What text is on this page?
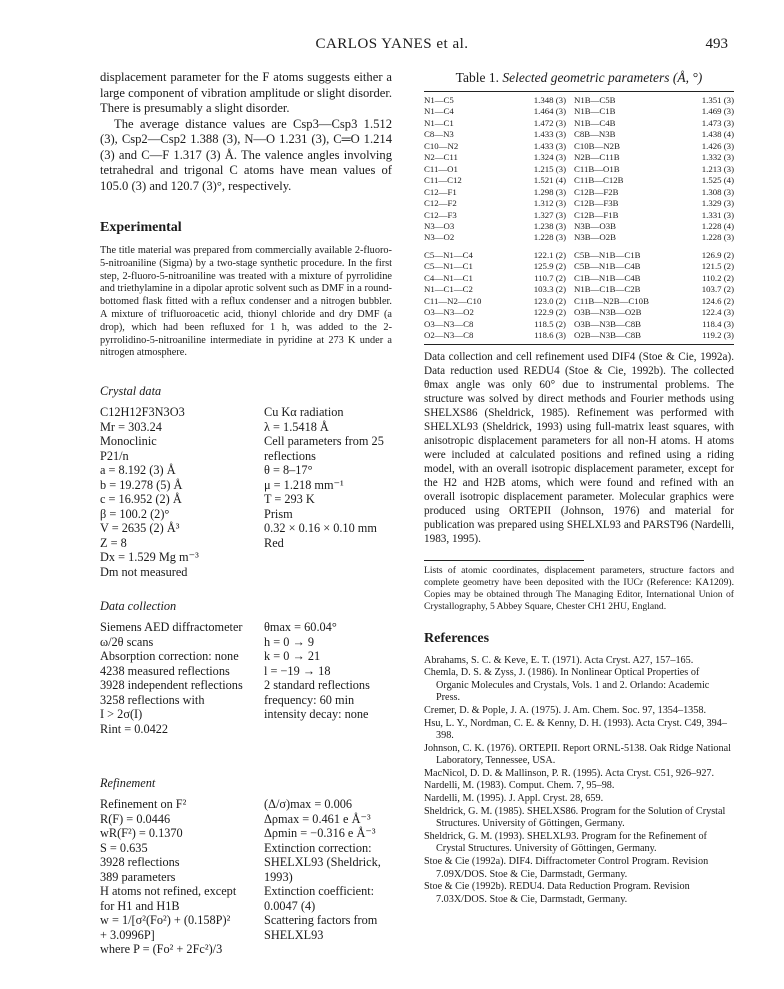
CARLOS YANES et al.	493

displacement parameter for the F atoms suggests either a large component of vibration amplitude or slight disorder. There is presumably a slight disorder.

The average distance values are Csp3—Csp3 1.512 (3), Csp2—Csp2 1.388 (3), N—O 1.231 (3), C═O 1.214 (3) and C—F 1.317 (3) Å. The valence angles involving tetrahedral and trigonal C atoms have mean values of 105.0 (3) and 120.7 (3)°, respectively.

Experimental

The title material was prepared from commercially available 2-fluoro-5-nitroaniline (Sigma) by a two-stage synthetic procedure. In the first step, 2-fluoro-5-nitroaniline was treated with a mixture of pyrrolidine and triethylamine in a dipolar aprotic solvent such as DMF in a round-bottomed flask fitted with a reflux condenser and a nitrogen bubbler. A mixture of trifluoroacetic acid, thionyl chloride and dry DMF (a drop), which had been refluxed for 1 h, was added to the 2-pyrrolidino-5-nitroaniline intermediate in pyridine at 273 K under a nitrogen atmosphere.

Crystal data

C12H12F3N3O3	Cu Kα radiation
Mr = 303.24	λ = 1.5418 Å
Monoclinic	Cell parameters from 25
P21/n	reflections
a = 8.192 (3) Å	θ = 8–17°
b = 19.278 (5) Å	μ = 1.218 mm⁻¹
c = 16.952 (2) Å	T = 293 K
β = 100.2 (2)°	Prism
V = 2635 (2) Å³	0.32 × 0.16 × 0.10 mm
Z = 8	Red
Dx = 1.529 Mg m⁻³
Dm not measured

Data collection

Siemens AED diffractometer	θmax = 60.04°
ω/2θ scans	h = 0 → 9
Absorption correction: none	k = 0 → 21
4238 measured reflections	l = −19 → 18
3928 independent reflections	2 standard reflections
3258 reflections with	frequency: 60 min
I > 2σ(I)	intensity decay: none
Rint = 0.0422

Refinement

Refinement on F²	(Δ/σ)max = 0.006
R(F) = 0.0446	Δρmax = 0.461 e Å⁻³
wR(F²) = 0.1370	Δρmin = −0.316 e Å⁻³
S = 0.635	Extinction correction:
3928 reflections	SHELXL93 (Sheldrick,
389 parameters	1993)
H atoms not refined, except	Extinction coefficient:
for H1 and H1B	0.0047 (4)
w = 1/[σ²(Fo²) + (0.158P)²	Scattering factors from
+ 3.0996P]	SHELXL93
where P = (Fo² + 2Fc²)/3

Table 1. Selected geometric parameters (Å, °)

N1—C5	1.348 (3) N1B—C5B	1.351 (3)
N1—C4	1.464 (3) N1B—C1B	1.469 (3)
N1—C1	1.472 (3) N1B—C4B	1.473 (3)
C8—N3	1.433 (3) C8B—N3B	1.438 (4)
C10—N2	1.433 (3) C10B—N2B	1.426 (3)
N2—C11	1.324 (3) N2B—C11B	1.332 (3)
C11—O1	1.215 (3) C11B—O1B	1.213 (3)
C11—C12	1.521 (4) C11B—C12B	1.525 (4)
C12—F1	1.298 (3) C12B—F2B	1.308 (3)
C12—F2	1.312 (3) C12B—F3B	1.329 (3)
C12—F3	1.327 (3) C12B—F1B	1.331 (3)
N3—O3	1.238 (3) N3B—O3B	1.228 (4)
N3—O2	1.228 (3) N3B—O2B	1.228 (3)
C5—N1—C4	122.1 (2) C5B—N1B—C1B	126.9 (2)
C5—N1—C1	125.9 (2) C5B—N1B—C4B	121.5 (2)
C4—N1—C1	110.7 (2) C1B—N1B—C4B	110.2 (2)
N1—C1—C2	103.3 (2) N1B—C1B—C2B	103.7 (2)
C11—N2—C10	123.0 (2) C11B—N2B—C10B	124.6 (2)
O3—N3—O2	122.9 (2) O3B—N3B—O2B	122.4 (3)
O3—N3—C8	118.5 (2) O3B—N3B—C8B	118.4 (3)
O2—N3—C8	118.6 (3) O2B—N3B—C8B	119.2 (3)

Data collection and cell refinement used DIF4 (Stoe & Cie, 1992a). Data reduction used REDU4 (Stoe & Cie, 1992b). The collected θmax angle was only 60° due to instrumental problems. The structure was solved by direct methods and Fourier methods using SHELXS86 (Sheldrick, 1985). Refinement was performed with SHELXL93 (Sheldrick, 1993) using full-matrix least squares, with anisotropic displacement parameters for all non-H atoms. H atoms were included at calculated positions and refined using a riding model, with an overall isotropic displacement parameter, except for the H2 and H2B atoms, which were found and refined with an overall isotropic displacement parameter. Molecular graphics were produced using ORTEPII (Johnson, 1976) and material for publication was prepared using SHELXL93 and PARST96 (Nardelli, 1983, 1995).

Lists of atomic coordinates, displacement parameters, structure factors and complete geometry have been deposited with the IUCr (Reference: KA1209). Copies may be obtained through The Managing Editor, International Union of Crystallography, 5 Abbey Square, Chester CH1 2HU, England.

References

Abrahams, S. C. & Keve, E. T. (1971). Acta Cryst. A27, 157–165.

Chemla, D. S. & Zyss, J. (1986). In Nonlinear Optical Properties of Organic Molecules and Crystals, Vols. 1 and 2. Orlando: Academic Press.

Cremer, D. & Pople, J. A. (1975). J. Am. Chem. Soc. 97, 1354–1358.

Hsu, L. Y., Nordman, C. E. & Kenny, D. H. (1993). Acta Cryst. C49, 394–398.

Johnson, C. K. (1976). ORTEPII. Report ORNL-5138. Oak Ridge National Laboratory, Tennessee, USA.

MacNicol, D. D. & Mallinson, P. R. (1995). Acta Cryst. C51, 926–927.

Nardelli, M. (1983). Comput. Chem. 7, 95–98.

Nardelli, M. (1995). J. Appl. Cryst. 28, 659.

Sheldrick, G. M. (1985). SHELXS86. Program for the Solution of Crystal Structures. University of Göttingen, Germany.

Sheldrick, G. M. (1993). SHELXL93. Program for the Refinement of Crystal Structures. University of Göttingen, Germany.

Stoe & Cie (1992a). DIF4. Diffractometer Control Program. Revision 7.09X/DOS. Stoe & Cie, Darmstadt, Germany.

Stoe & Cie (1992b). REDU4. Data Reduction Program. Revision 7.03X/DOS. Stoe & Cie, Darmstadt, Germany.
